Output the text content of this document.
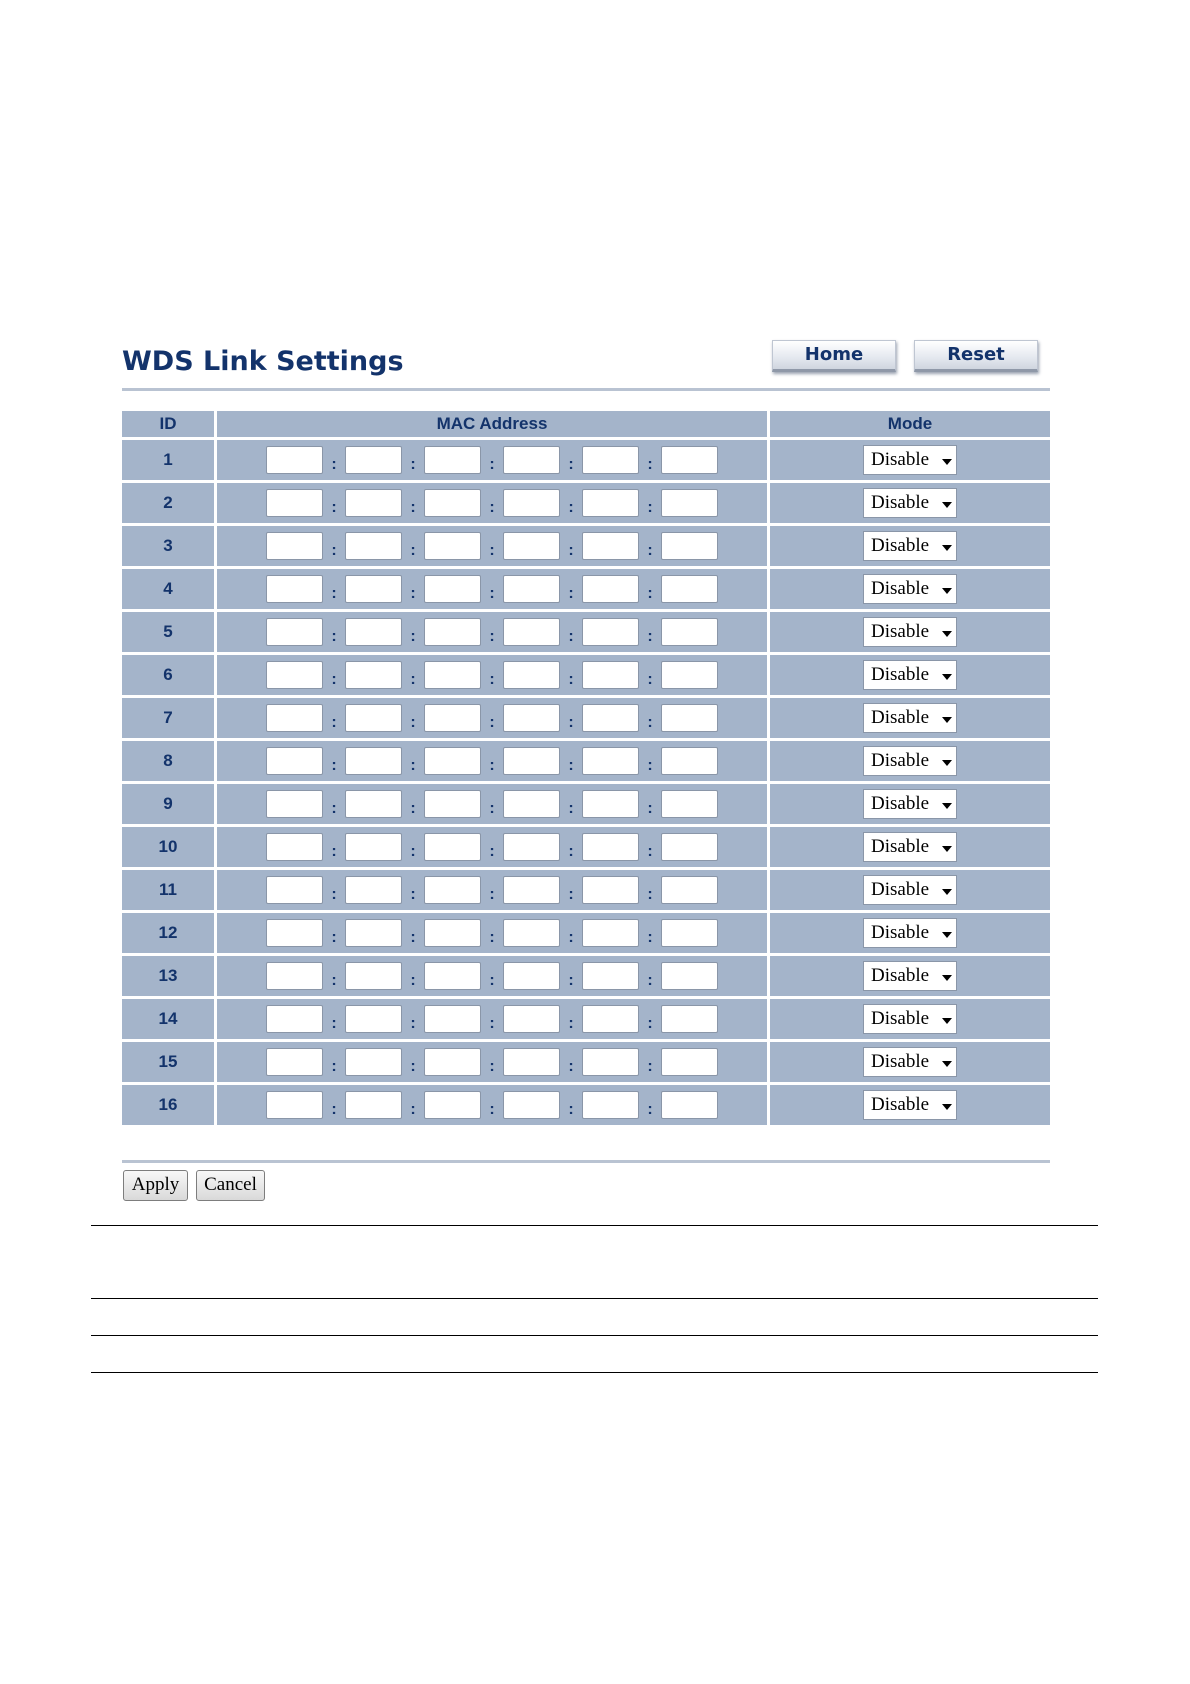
WDS Link Settings	Home	Reset
ID	MAC Address	Mode
1	: : : : :	Disable

2	: : : : :	Disable

3	: : : : :	Disable

4	: : : : :	Disable

5	: : : : :	Disable

6	: : : : :	Disable

7	: : : : :	Disable

8	: : : : :	Disable

9	: : : : :	Disable

10	: : : : :	Disable

11	: : : : :	Disable

12	: : : : :	Disable

13	: : : : :	Disable

14	: : : : :	Disable

15	: : : : :	Disable

16	: : : : :	Disable
Apply	Cancel
